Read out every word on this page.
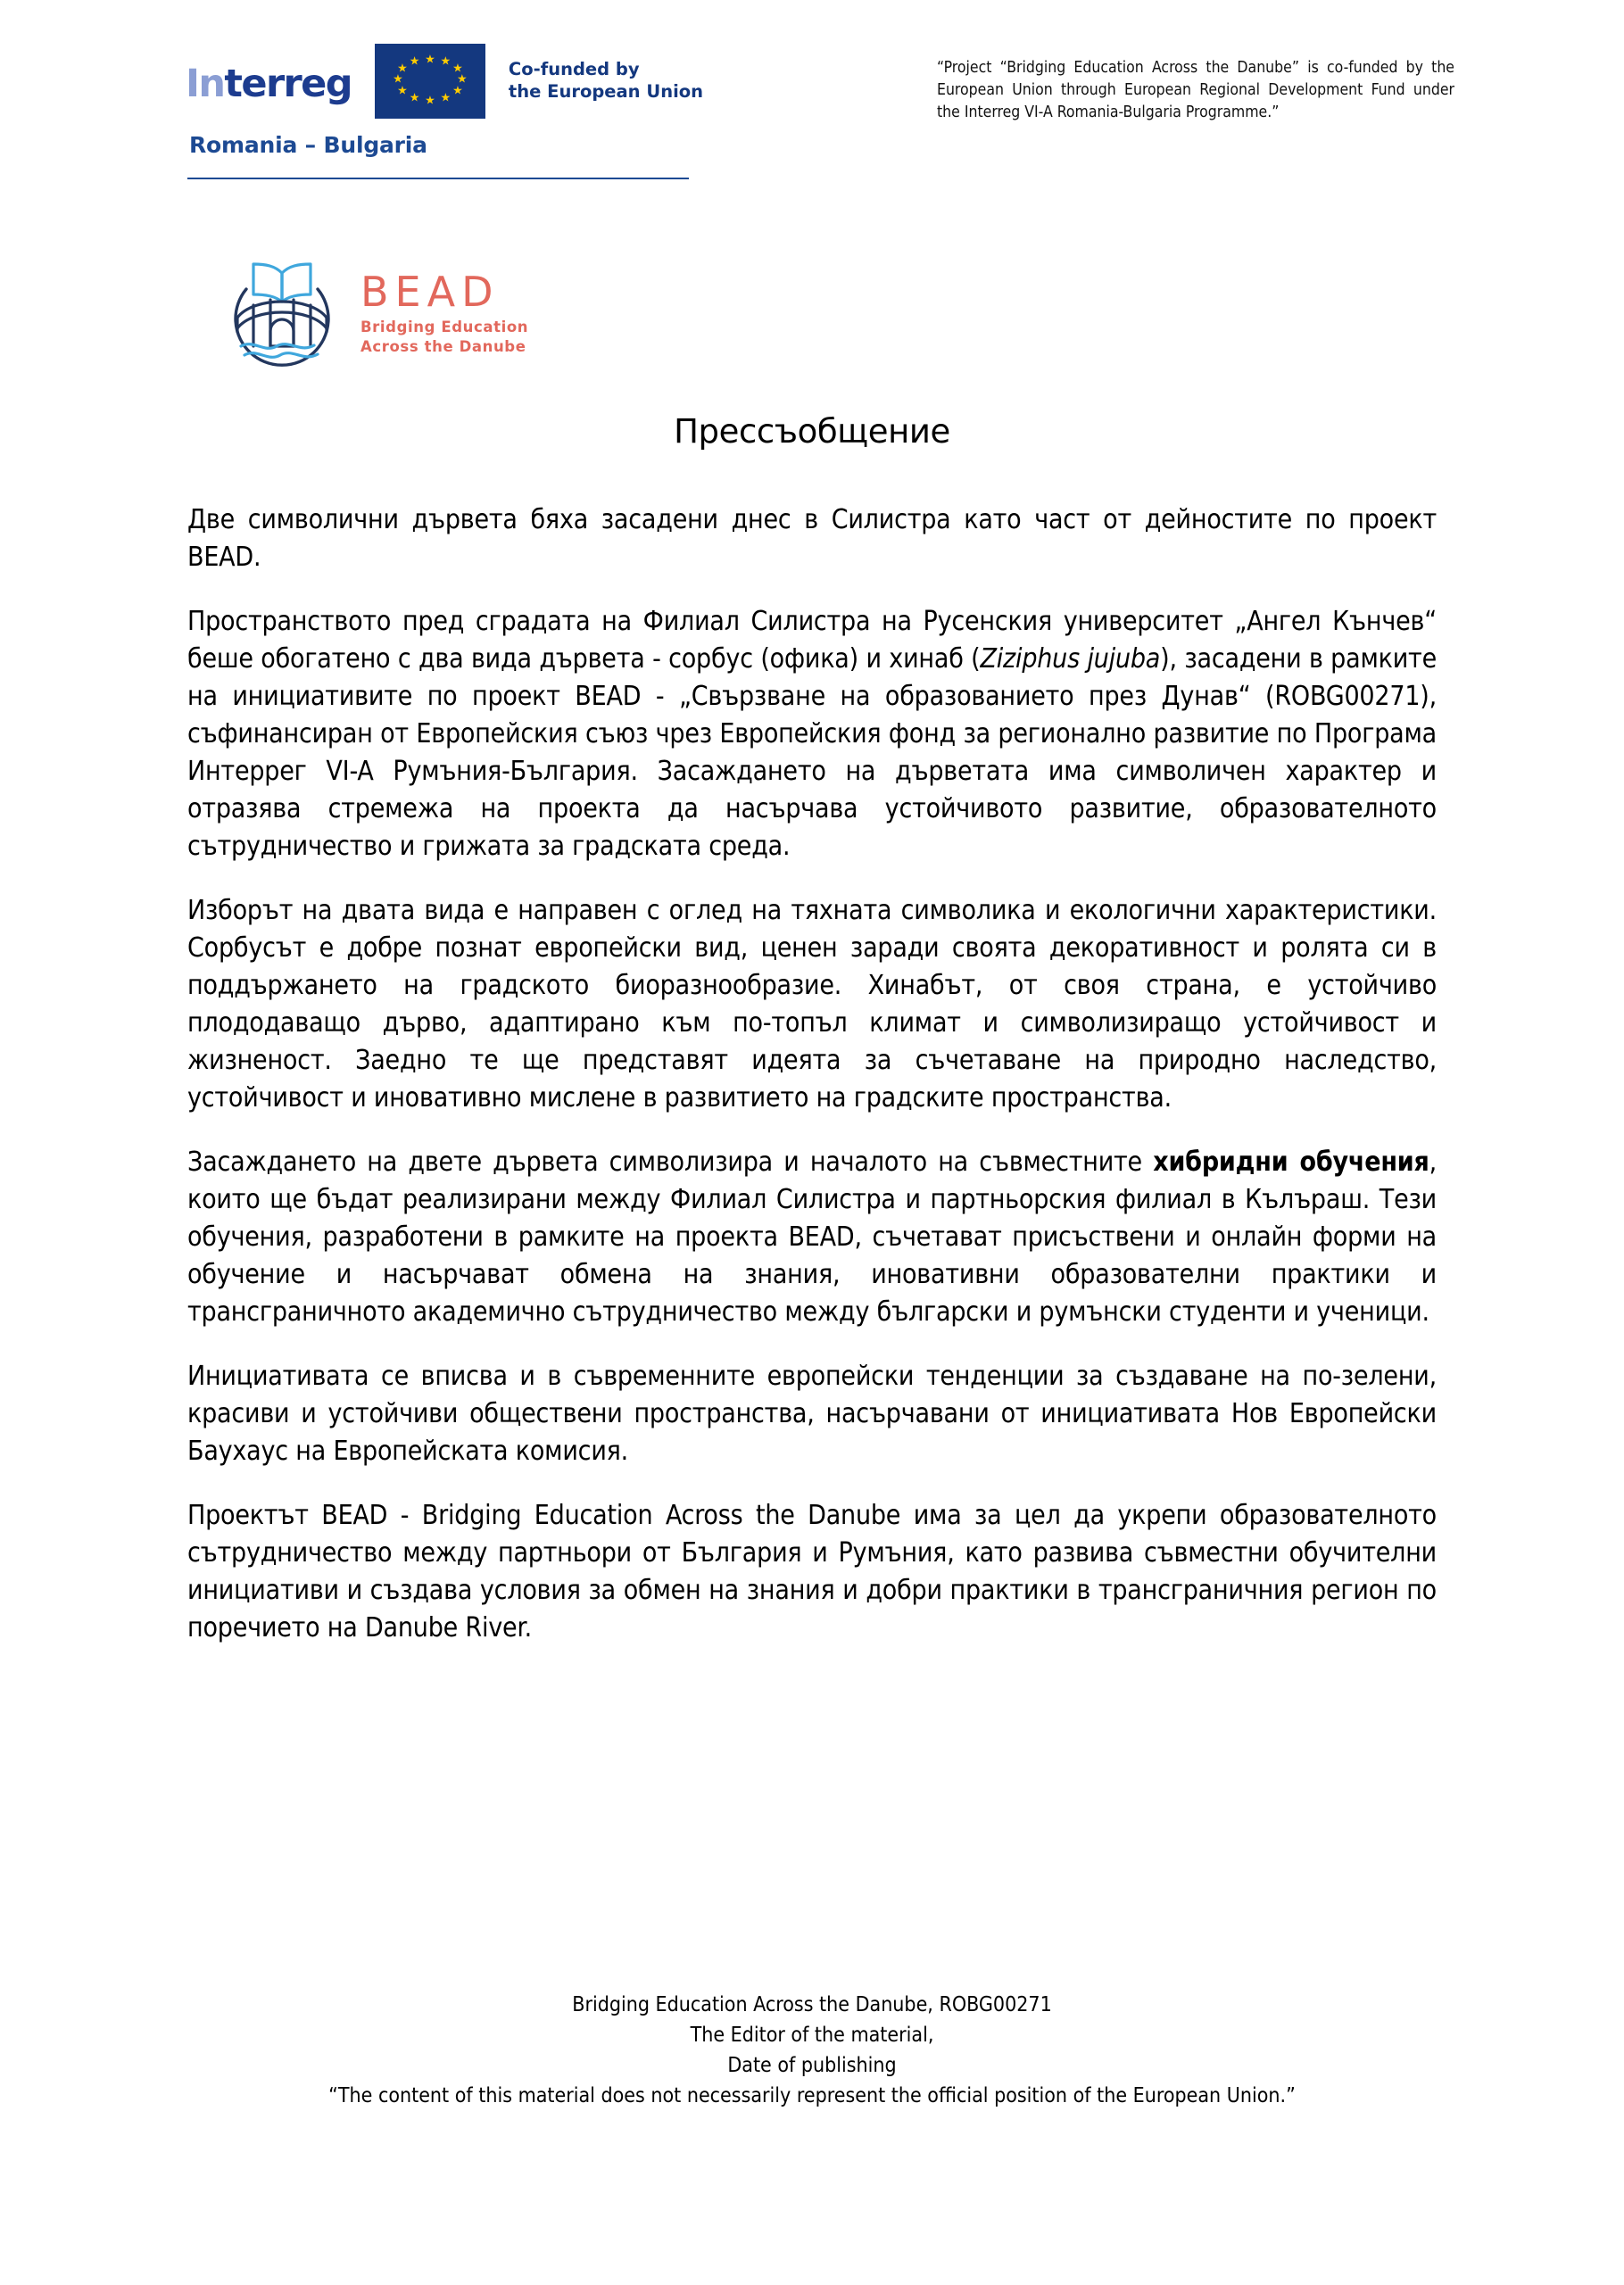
Interreg
★ ★
★
★
★
★
★
★
★
★
★
★	Co-funded by
the European Union
Romania – Bulgaria
“Project “Bridging Education Across the Danube” is co-funded by the European Union through European Regional Development Fund under the Interreg VI-A Romania-Bulgaria Programme.”
BEAD
Bridging Education
Across the Danube
Прессъобщение

Две символични дървета бяха засадени днес в Силистра като част от дейностите по проект BEAD.

Пространството пред сградата на Филиал Силистра на Русенския университет „Ангел Кънчев“ беше обогатено с два вида дървета - сорбус (офика) и хинаб (Ziziphus jujuba), засадени в рамките на инициативите по проект BEAD - „Свързване на образованието през Дунав“ (ROBG00271), съфинансиран от Европейския съюз чрез Европейския фонд за регионално развитие по Програма Интеррег VI-A Румъния-България. Засаждането на дърветата има символичен характер и отразява стремежа на проекта да насърчава устойчивото развитие, образователното сътрудничество и грижата за градската среда.

Изборът на двата вида е направен с оглед на тяхната символика и екологични характеристики. Сорбусът е добре познат европейски вид, ценен заради своята декоративност и ролята си в поддържането на градското биоразнообразие. Хинабът, от своя страна, е устойчиво плододаващо дърво, адаптирано към по-топъл климат и символизиращо устойчивост и жизненост. Заедно те ще представят идеята за съчетаване на природно наследство, устойчивост и иновативно мислене в развитието на градските пространства.

Засаждането на двете дървета символизира и началото на съвместните хибридни обучения, които ще бъдат реализирани между Филиал Силистра и партньорския филиал в Кълъраш. Тези обучения, разработени в рамките на проекта BEAD, съчетават присъствени и онлайн форми на обучение и насърчават обмена на знания, иновативни образователни практики и трансграничното академично сътрудничество между български и румънски студенти и ученици.

Инициативата се вписва и в съвременните европейски тенденции за създаване на по-зелени, красиви и устойчиви обществени пространства, насърчавани от инициативата Нов Европейски Баухаус на Европейската комисия.

Проектът BEAD - Bridging Education Across the Danube има за цел да укрепи образователното сътрудничество между партньори от България и Румъния, като развива съвместни обучителни инициативи и създава условия за обмен на знания и добри практики в трансграничния регион по поречието на Danube River.

Bridging Education Across the Danube, ROBG00271
The Editor of the material,
Date of publishing
“The content of this material does not necessarily represent the official position of the European Union.”
